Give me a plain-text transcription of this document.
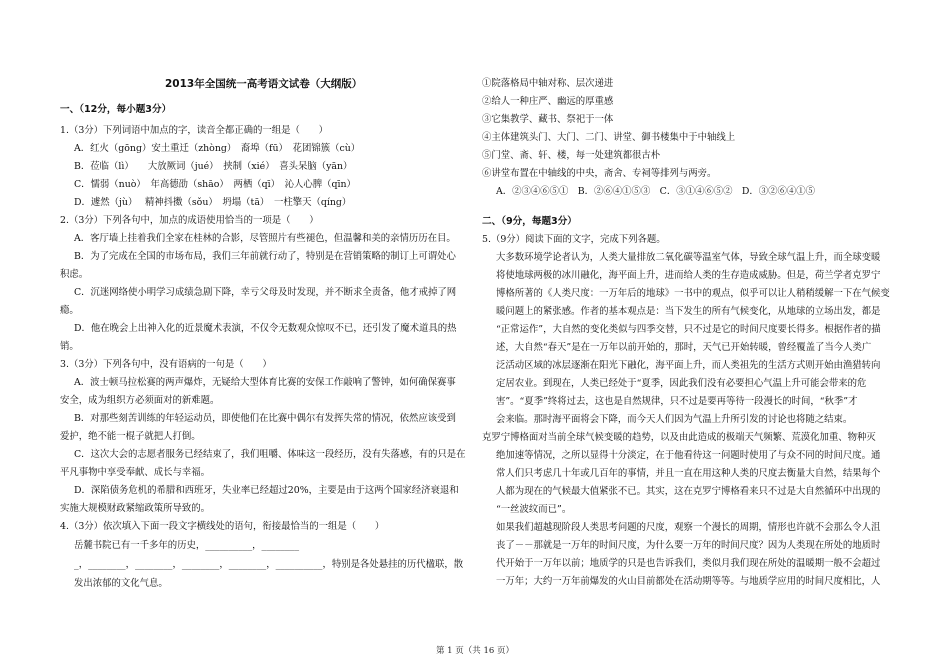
2013年全国统一高考语文试卷（大纲版）
一、（12分，每小题3分）
1.（3分）下列词语中加点的字，读音全都正确的一组是（　　）
A．红火（gōng）安土重迁（zhòng）　裔埠（fū）　花团锦簇（cù）
B．莅临（lì）　　大放厥词（jué）　挟制（xié）　喜头呆脑（yān）
C．懦弱（nuò）　年高德劭（shāo）　两栖（qī）　沁人心脾（qīn）
D．遽然（jù）　 精神抖擞（sǒu）　坍塌（tā）　一柱擎天（qíng）
2.（3分）下列各句中，加点的成语使用恰当的一项是（　　）
A．客厅墙上挂着我们全家在桂林的合影，尽管照片有些褪色，但温馨和美的亲情历历在目。
B．为了完成在全国的市场布局，我们三年前就行动了，特别是在营销策略的制订上可谓处心
积虑。
C．沉迷网络使小明学习成绩急剧下降，幸亏父母及时发现，并不断求全责备，他才戒掉了网
瘾。
D．他在晚会上出神入化的近景魔术表演，不仅令无数观众惊叹不已，还引发了魔术道具的热
销。
3.（3分）下列各句中，没有语病的一句是（　　）
A．波士顿马拉松赛的两声爆炸，无疑给大型体育比赛的安保工作敲响了警钟，如何确保赛事
安全，成为组织方必须面对的新难题。
B．对那些刻苦训练的年轻运动员，即使他们在比赛中偶尔有发挥失常的情况，依然应该受到
爱护，绝不能一棍子就把人打倒。
C．这次大会的志愿者服务已经结束了，我们咀嚼、体味这一段经历，没有失落感，有的只是在
平凡事物中享受奉献、成长与幸福。
D．深陷债务危机的希腊和西班牙，失业率已经超过20%，主要是由于这两个国家经济衰退和
实施大规模财政紧缩政策所导致的。
4.（3分）依次填入下面一段文字横线处的语句，衔接最恰当的一组是（　　）
岳麓书院已有一千多年的历史，__________，________
_，________，________，________，________，__________，特别是各处悬挂的历代楹联，散
发出浓郁的文化气息。
①院落格局中轴对称、层次递进
②给人一种庄严、幽远的厚重感
③它集教学、藏书、祭祀于一体
④主体建筑头门、大门、二门、讲堂、御书楼集中于中轴线上
⑤门堂、斋、轩、楼，每一处建筑都很古朴
⑥讲堂布置在中轴线的中央，斋舍、专祠等排列与两旁。
A．②③④⑥⑤①　B．②⑥④①⑤③　C．③①④⑥⑤②　D．③②⑥④①⑤
二、（9分，每题3分）
5.（9分）阅读下面的文字，完成下列各题。
大多数环境学论者认为，人类大量排放二氧化碳等温室气体，导致全球气温上升，而全球变暖
将使地球两极的冰川融化，海平面上升，进而给人类的生存造成威胁。但是，荷兰学者克罗宁
博格所著的《人类尺度：一万年后的地球》一书中的观点，似乎可以让人稍稍缓解一下在气候变
暖问题上的紧张感。作者的基本观点是：当下发生的所有气候变化，从地球的立场出发，都是
“正常运作”，大自然的变化类似与四季交替，只不过是它的时间尺度要长得多。根据作者的描
述，大自然“春天”是在一万年以前开始的，那时，天气已开始转暖，曾经覆盖了当今人类广
泛活动区域的冰层逐渐在阳光下融化，海平面上升，而人类祖先的生活方式则开始由渔猎转向
定居农业。到现在，人类已经处于“夏季，因此我们没有必要担心气温上升可能会带来的危
害”。“夏季”终将过去，这也是自然规律，只不过是要再等待一段漫长的时间，“秋季”才
会来临。那时海平面将会下降，而今天人们因为气温上升所引发的讨论也将随之结束。
克罗宁博格面对当前全球气候变暖的趋势，以及由此造成的极端天气频繁、荒漠化加重、物种灭
绝加速等情况，之所以显得十分淡定，在于他看待这一问题时使用了与众不同的时间尺度。通
常人们只考虑几十年或几百年的事情，并且一直在用这种人类的尺度去衡量大自然，结果每个
人都为现在的气候最大值紧张不已。其实，这在克罗宁博格看来只不过是大自然循环中出现的
“一丝波纹而已”。
如果我们超越现阶段人类思考问题的尺度，观察一个漫长的周期，情形也许就不会那么令人沮
丧了－－那就是一万年的时间尺度，为什么要一万年的时间尺度？因为人类现在所处的地质时
代开始于一万年以前；地质学的只是也告诉我们，类似月我们现在所处的温暖期一般不会超过
一万年；大约一万年前爆发的火山目前都处在活动期等等。与地质学应用的时间尺度相比，人
第 1 页（共 16 页）
